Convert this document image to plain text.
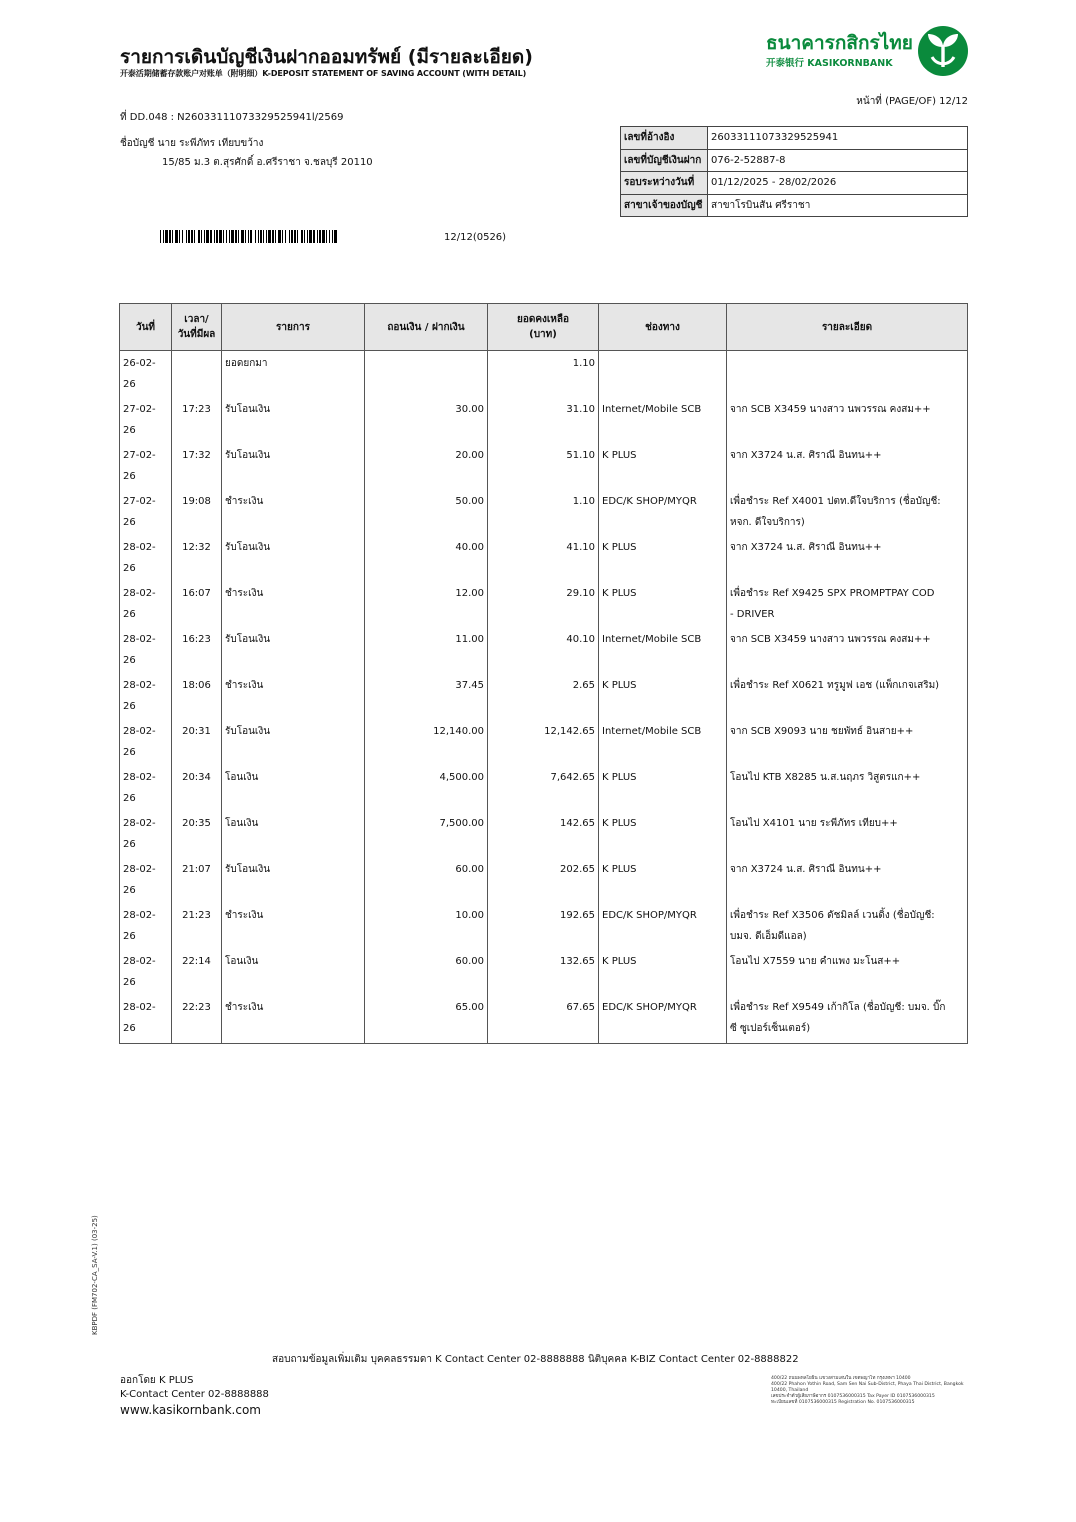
รายการเดินบัญชีเงินฝากออมทรัพย์ (มีรายละเอียด)
开泰活期储蓄存款账户对账单（附明细）K-DEPOSIT STATEMENT OF SAVING ACCOUNT (WITH DETAIL)
ธนาคารกสิกรไทย
开泰银行 KASIKORNBANK
หน้าที่ (PAGE/OF) 12/12
ที่ DD.048 : N26033111073329525941l/2569
ชื่อบัญชี นาย ระพีภัทร เทียบขว้าง
15/85 ม.3 ต.สุรศักดิ์ อ.ศรีราชา จ.ชลบุรี 20110
12/12(0526)
เลขที่อ้างอิง	26033111073329525941
เลขที่บัญชีเงินฝาก	076-2-52887-8
รอบระหว่างวันที่	01/12/2025 - 28/02/2026
สาขาเจ้าของบัญชี	สาขาโรบินสัน ศรีราชา
วันที่	เวลา/
วันที่มีผล	รายการ	ถอนเงิน / ฝากเงิน	ยอดคงเหลือ
(บาท)	ช่องทาง	รายละเอียด
26-02-26		ยอดยกมา		1.10		
27-02-26	17:23	รับโอนเงิน	30.00	31.10	Internet/Mobile SCB	จาก SCB X3459 นางสาว นพวรรณ คงสม++
27-02-26	17:32	รับโอนเงิน	20.00	51.10	K PLUS	จาก X3724 น.ส. ศิราณี อินทน++
27-02-26	19:08	ชำระเงิน	50.00	1.10	EDC/K SHOP/MYQR	เพื่อชำระ Ref X4001 ปตท.ดีใจบริการ (ชื่อบัญชี:
หจก. ดีใจบริการ)
28-02-26	12:32	รับโอนเงิน	40.00	41.10	K PLUS	จาก X3724 น.ส. ศิราณี อินทน++
28-02-26	16:07	ชำระเงิน	12.00	29.10	K PLUS	เพื่อชำระ Ref X9425 SPX PROMPTPAY COD
- DRIVER
28-02-26	16:23	รับโอนเงิน	11.00	40.10	Internet/Mobile SCB	จาก SCB X3459 นางสาว นพวรรณ คงสม++
28-02-26	18:06	ชำระเงิน	37.45	2.65	K PLUS	เพื่อชำระ Ref X0621 ทรูมูฟ เอช (แพ็กเกจเสริม)
28-02-26	20:31	รับโอนเงิน	12,140.00	12,142.65	Internet/Mobile SCB	จาก SCB X9093 นาย ชยพัทธ์ อินสาย++
28-02-26	20:34	โอนเงิน	4,500.00	7,642.65	K PLUS	โอนไป KTB X8285 น.ส.นฤภร วิสูตรแก++
28-02-26	20:35	โอนเงิน	7,500.00	142.65	K PLUS	โอนไป X4101 นาย ระพีภัทร เทียบ++
28-02-26	21:07	รับโอนเงิน	60.00	202.65	K PLUS	จาก X3724 น.ส. ศิราณี อินทน++
28-02-26	21:23	ชำระเงิน	10.00	192.65	EDC/K SHOP/MYQR	เพื่อชำระ Ref X3506 ดัชมิลล์ เวนดิ้ง (ชื่อบัญชี:
บมจ. ดีเอ็มดีแอล)
28-02-26	22:14	โอนเงิน	60.00	132.65	K PLUS	โอนไป X7559 นาย คำแพง มะโนส++
28-02-26	22:23	ชำระเงิน	65.00	67.65	EDC/K SHOP/MYQR	เพื่อชำระ Ref X9549 เก้ากิโล (ชื่อบัญชี: บมจ. บิ๊ก
ซี ซูเปอร์เซ็นเตอร์)
KBPDF (FM702-CA_SA-V.1) (03-25)
สอบถามข้อมูลเพิ่มเติม บุคคลธรรมดา K Contact Center 02-8888888 นิติบุคคล K-BIZ Contact Center 02-8888822
ออกโดย K PLUS
K-Contact Center 02-8888888
www.kasikornbank.com
400/22 ถนนพหลโยธิน แขวงสามเสนใน เขตพญาไท กรุงเทพฯ 10400
400/22 Phahon Yothin Road, Sam Sen Nai Sub-District, Phaya Thai District, Bangkok 10400, Thailand
เลขประจำตัวผู้เสียภาษีอากร 0107536000315 Tax Payer ID 0107536000315
ทะเบียนเลขที่ 0107536000315 Registration No. 0107536000315
